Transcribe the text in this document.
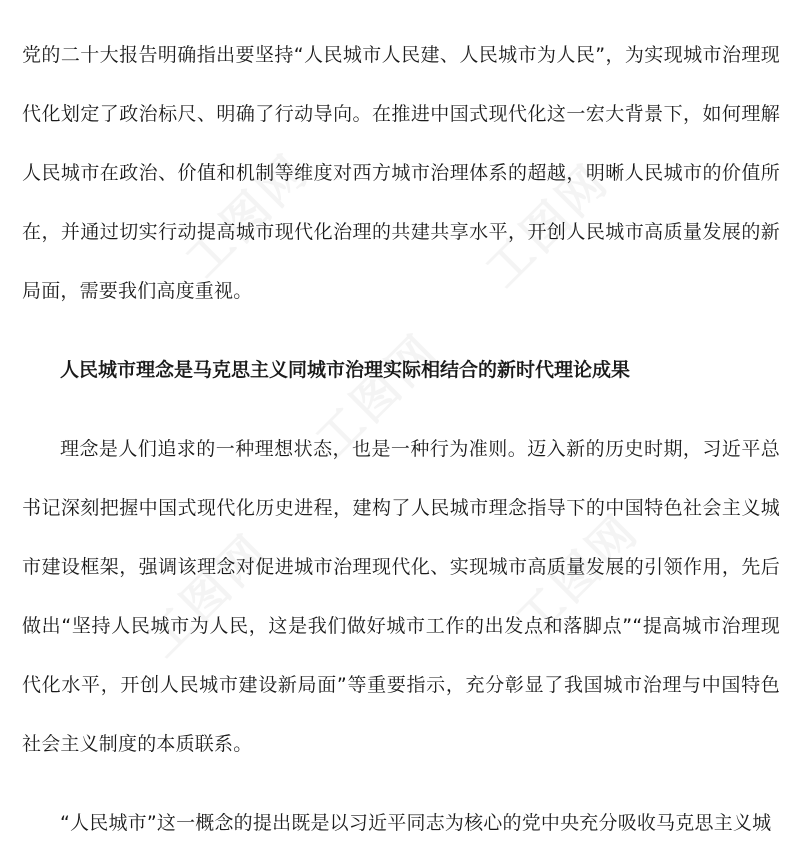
工图网	工图网
工图网
工图网
工图网

党的二十大报告明确指出要坚持“人民城市人民建、人民城市为人民”，为实现城市治理现代化划定了政治标尺、明确了行动导向。在推进中国式现代化这一宏大背景下，如何理解人民城市在政治、价值和机制等维度对西方城市治理体系的超越，明晰人民城市的价值所在，并通过切实行动提高城市现代化治理的共建共享水平，开创人民城市高质量发展的新局面，需要我们高度重视。

人民城市理念是马克思主义同城市治理实际相结合的新时代理论成果

理念是人们追求的一种理想状态，也是一种行为准则。迈入新的历史时期，习近平总书记深刻把握中国式现代化历史进程，建构了人民城市理念指导下的中国特色社会主义城市建设框架，强调该理念对促进城市治理现代化、实现城市高质量发展的引领作用，先后做出“坚持人民城市为人民，这是我们做好城市工作的出发点和落脚点”“提高城市治理现代化水平，开创人民城市建设新局面”等重要指示，充分彰显了我国城市治理与中国特色社会主义制度的本质联系。

“人民城市”这一概念的提出既是以习近平同志为核心的党中央充分吸收马克思主义城
